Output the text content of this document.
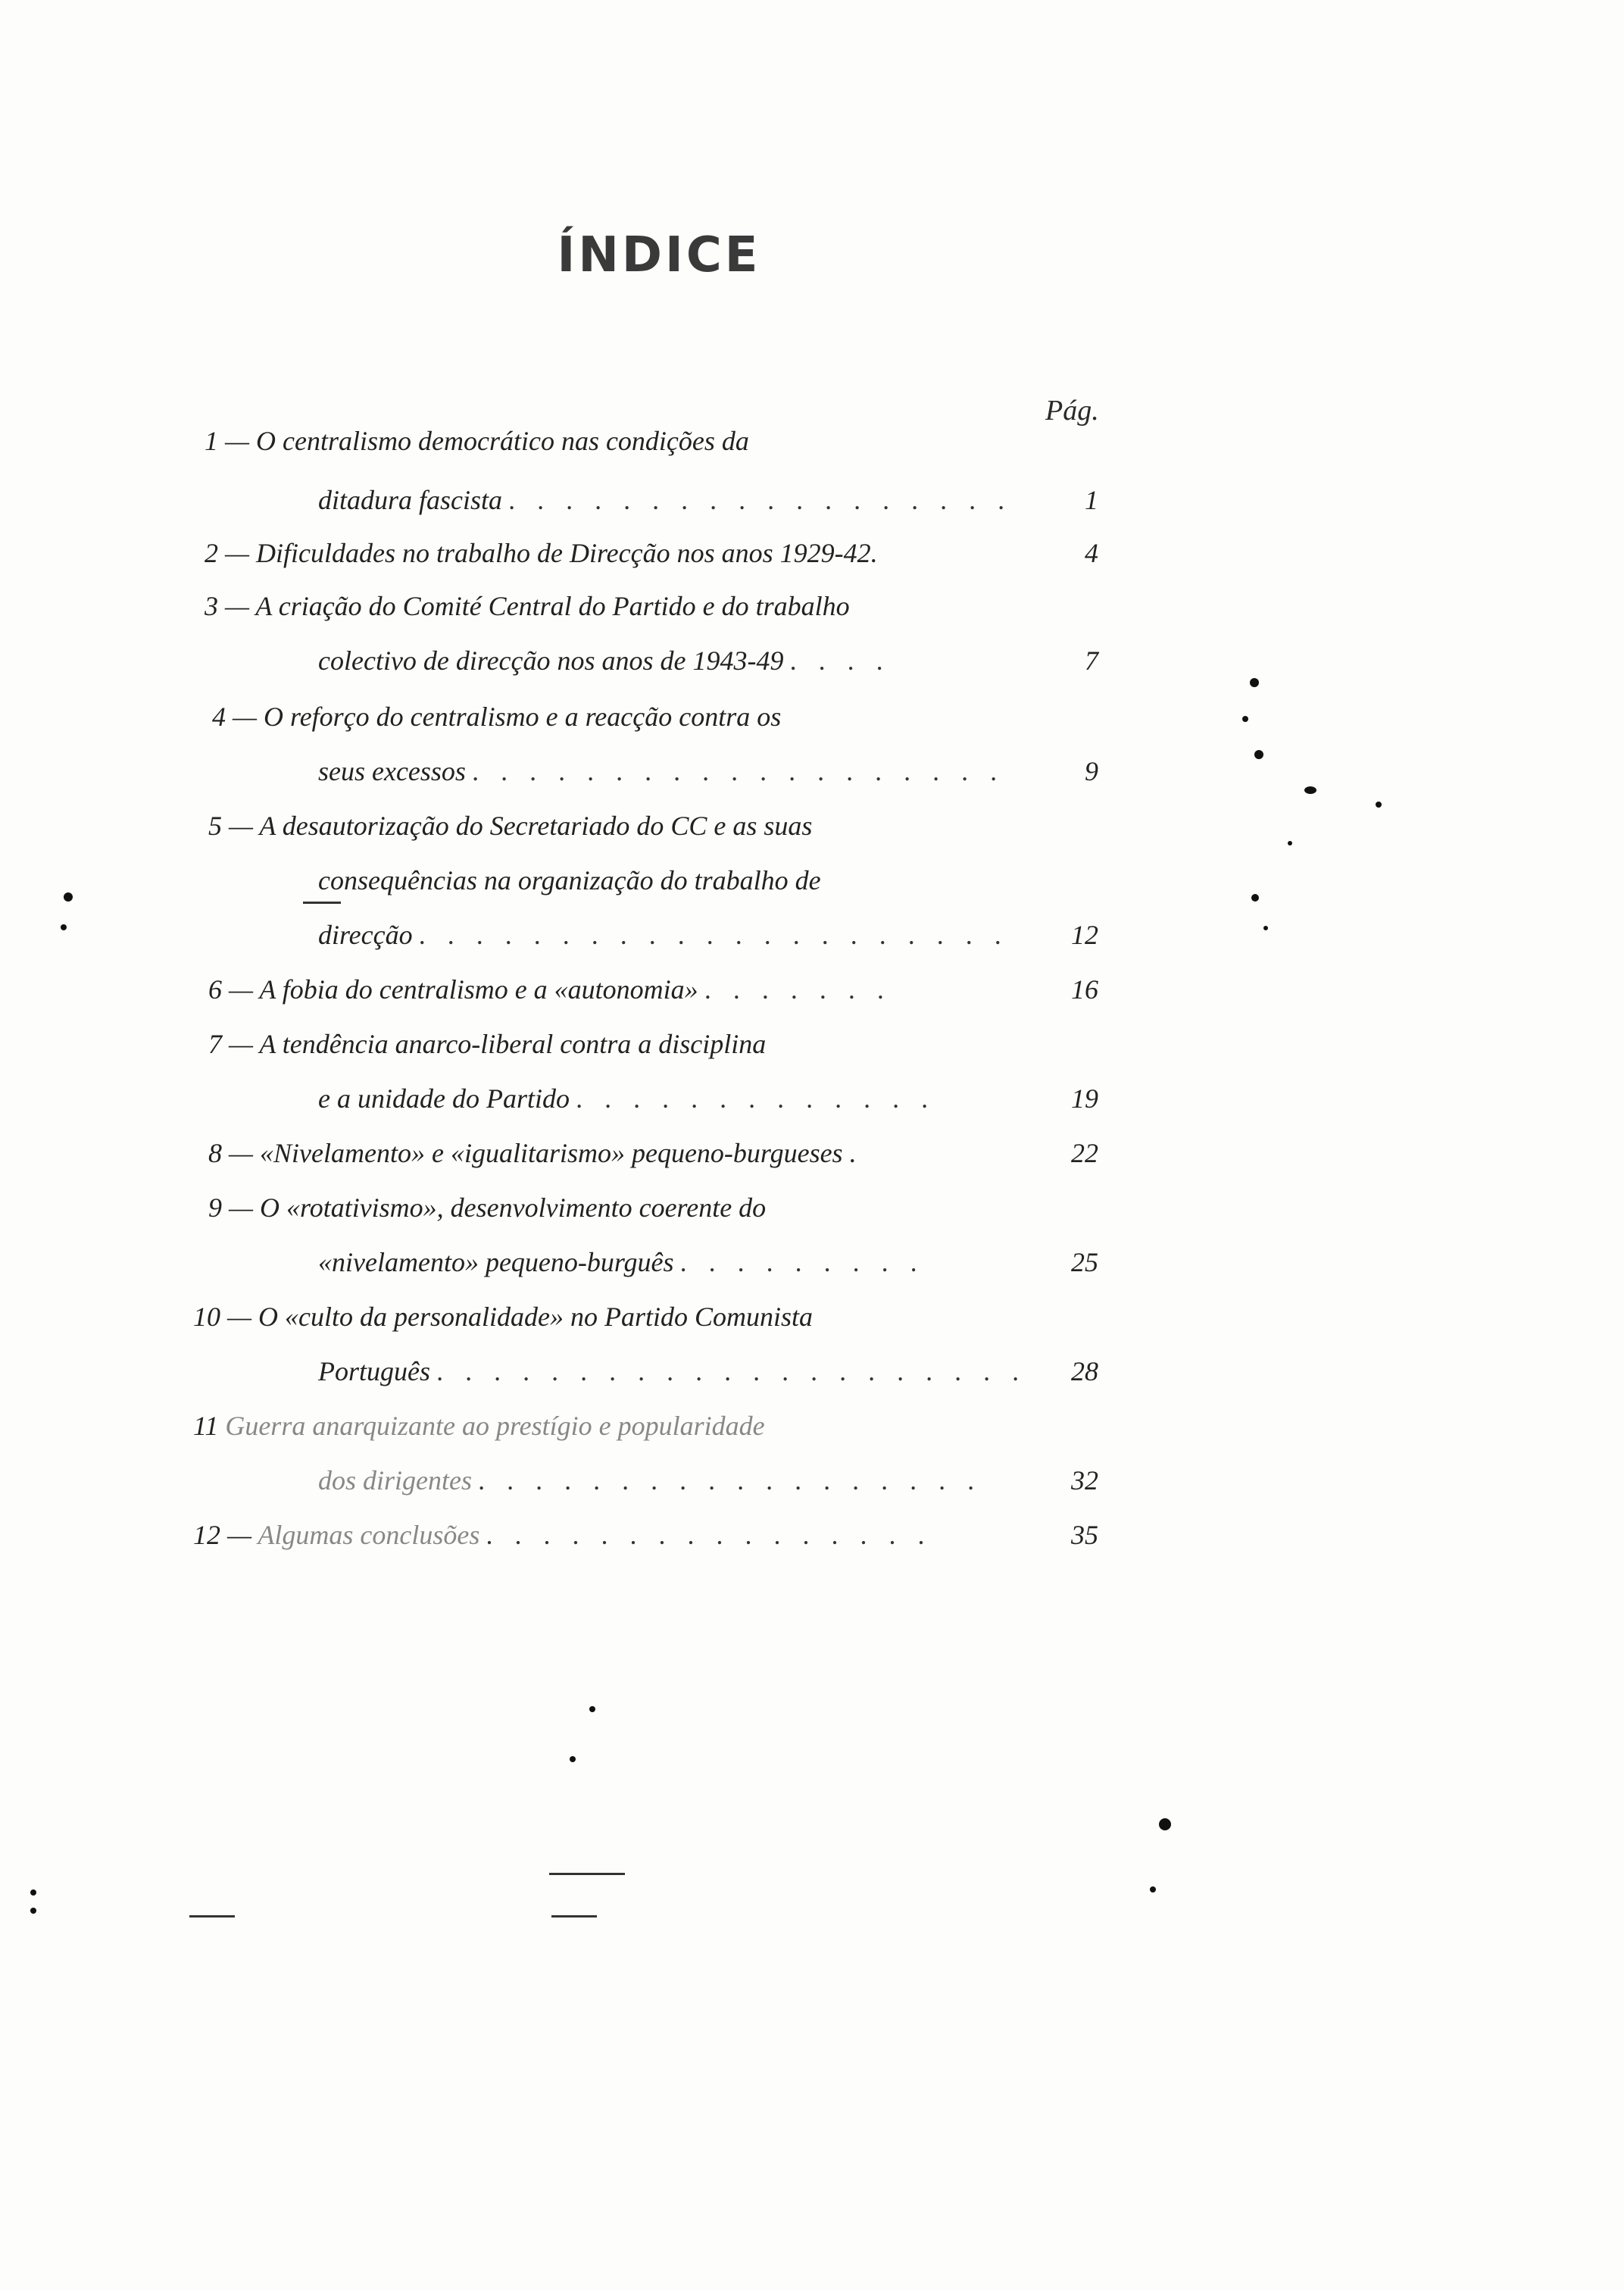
ÍNDICE
Pág.
1 — O centralismo democrático nas condições da
ditadura fascista . . . . . . . . . . . . . . . . . .	1
2 — Dificuldades no trabalho de Direcção nos anos 1929-42.	4
3 — A criação do Comité Central do Partido e do trabalho
colectivo de direcção nos anos de 1943-49 . . . .	7
4 — O reforço do centralismo e a reacção contra os
seus excessos . . . . . . . . . . . . . . . . . . .	9
5 — A desautorização do Secretariado do CC e as suas
consequências na organização do trabalho de
direcção . . . . . . . . . . . . . . . . . . . . .	12
6 — A fobia do centralismo e a «autonomia» . . . . . . .	16
7 — A tendência anarco-liberal contra a disciplina
e a unidade do Partido . . . . . . . . . . . . .	19
8 — «Nivelamento» e «igualitarismo» pequeno-burgueses .	22
9 — O «rotativismo», desenvolvimento coerente do
«nivelamento» pequeno-burguês . . . . . . . . .	25
10 — O «culto da personalidade» no Partido Comunista
Português . . . . . . . . . . . . . . . . . . . . .	28
11 Guerra anarquizante ao prestígio e popularidade
dos dirigentes . . . . . . . . . . . . . . . . . .	32
12 — Algumas conclusões . . . . . . . . . . . . . . . .	35
